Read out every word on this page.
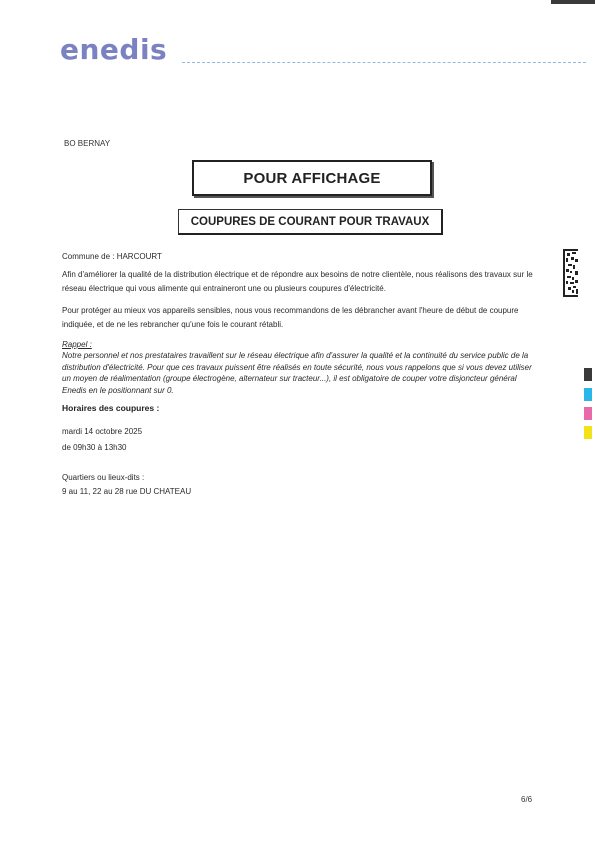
enedis
BO BERNAY
POUR AFFICHAGE
COUPURES DE COURANT POUR TRAVAUX
Commune de : HARCOURT
Afin d'améliorer la qualité de la distribution électrique et de répondre aux besoins de notre clientèle, nous réalisons des travaux sur le réseau électrique qui vous alimente qui entraineront une ou plusieurs coupures d'électricité.
Pour protéger au mieux vos appareils sensibles, nous vous recommandons de les débrancher avant l'heure de début de coupure indiquée, et de ne les rebrancher qu'une fois le courant rétabli.
Rappel :
Notre personnel et nos prestataires travaillent sur le réseau électrique afin d'assurer la qualité et la continuité du service public de la distribution d'électricité. Pour que ces travaux puissent être réalisés en toute sécurité, nous vous rappelons que si vous devez utiliser un moyen de réalimentation (groupe électrogène, alternateur sur tracteur...), il est obligatoire de couper votre disjoncteur général Enedis en le positionnant sur 0.
Horaires des coupures :
mardi 14 octobre 2025
de 09h30 à 13h30
Quartiers ou lieux-dits :
9 au 11, 22 au 28 rue DU CHATEAU
6/6
